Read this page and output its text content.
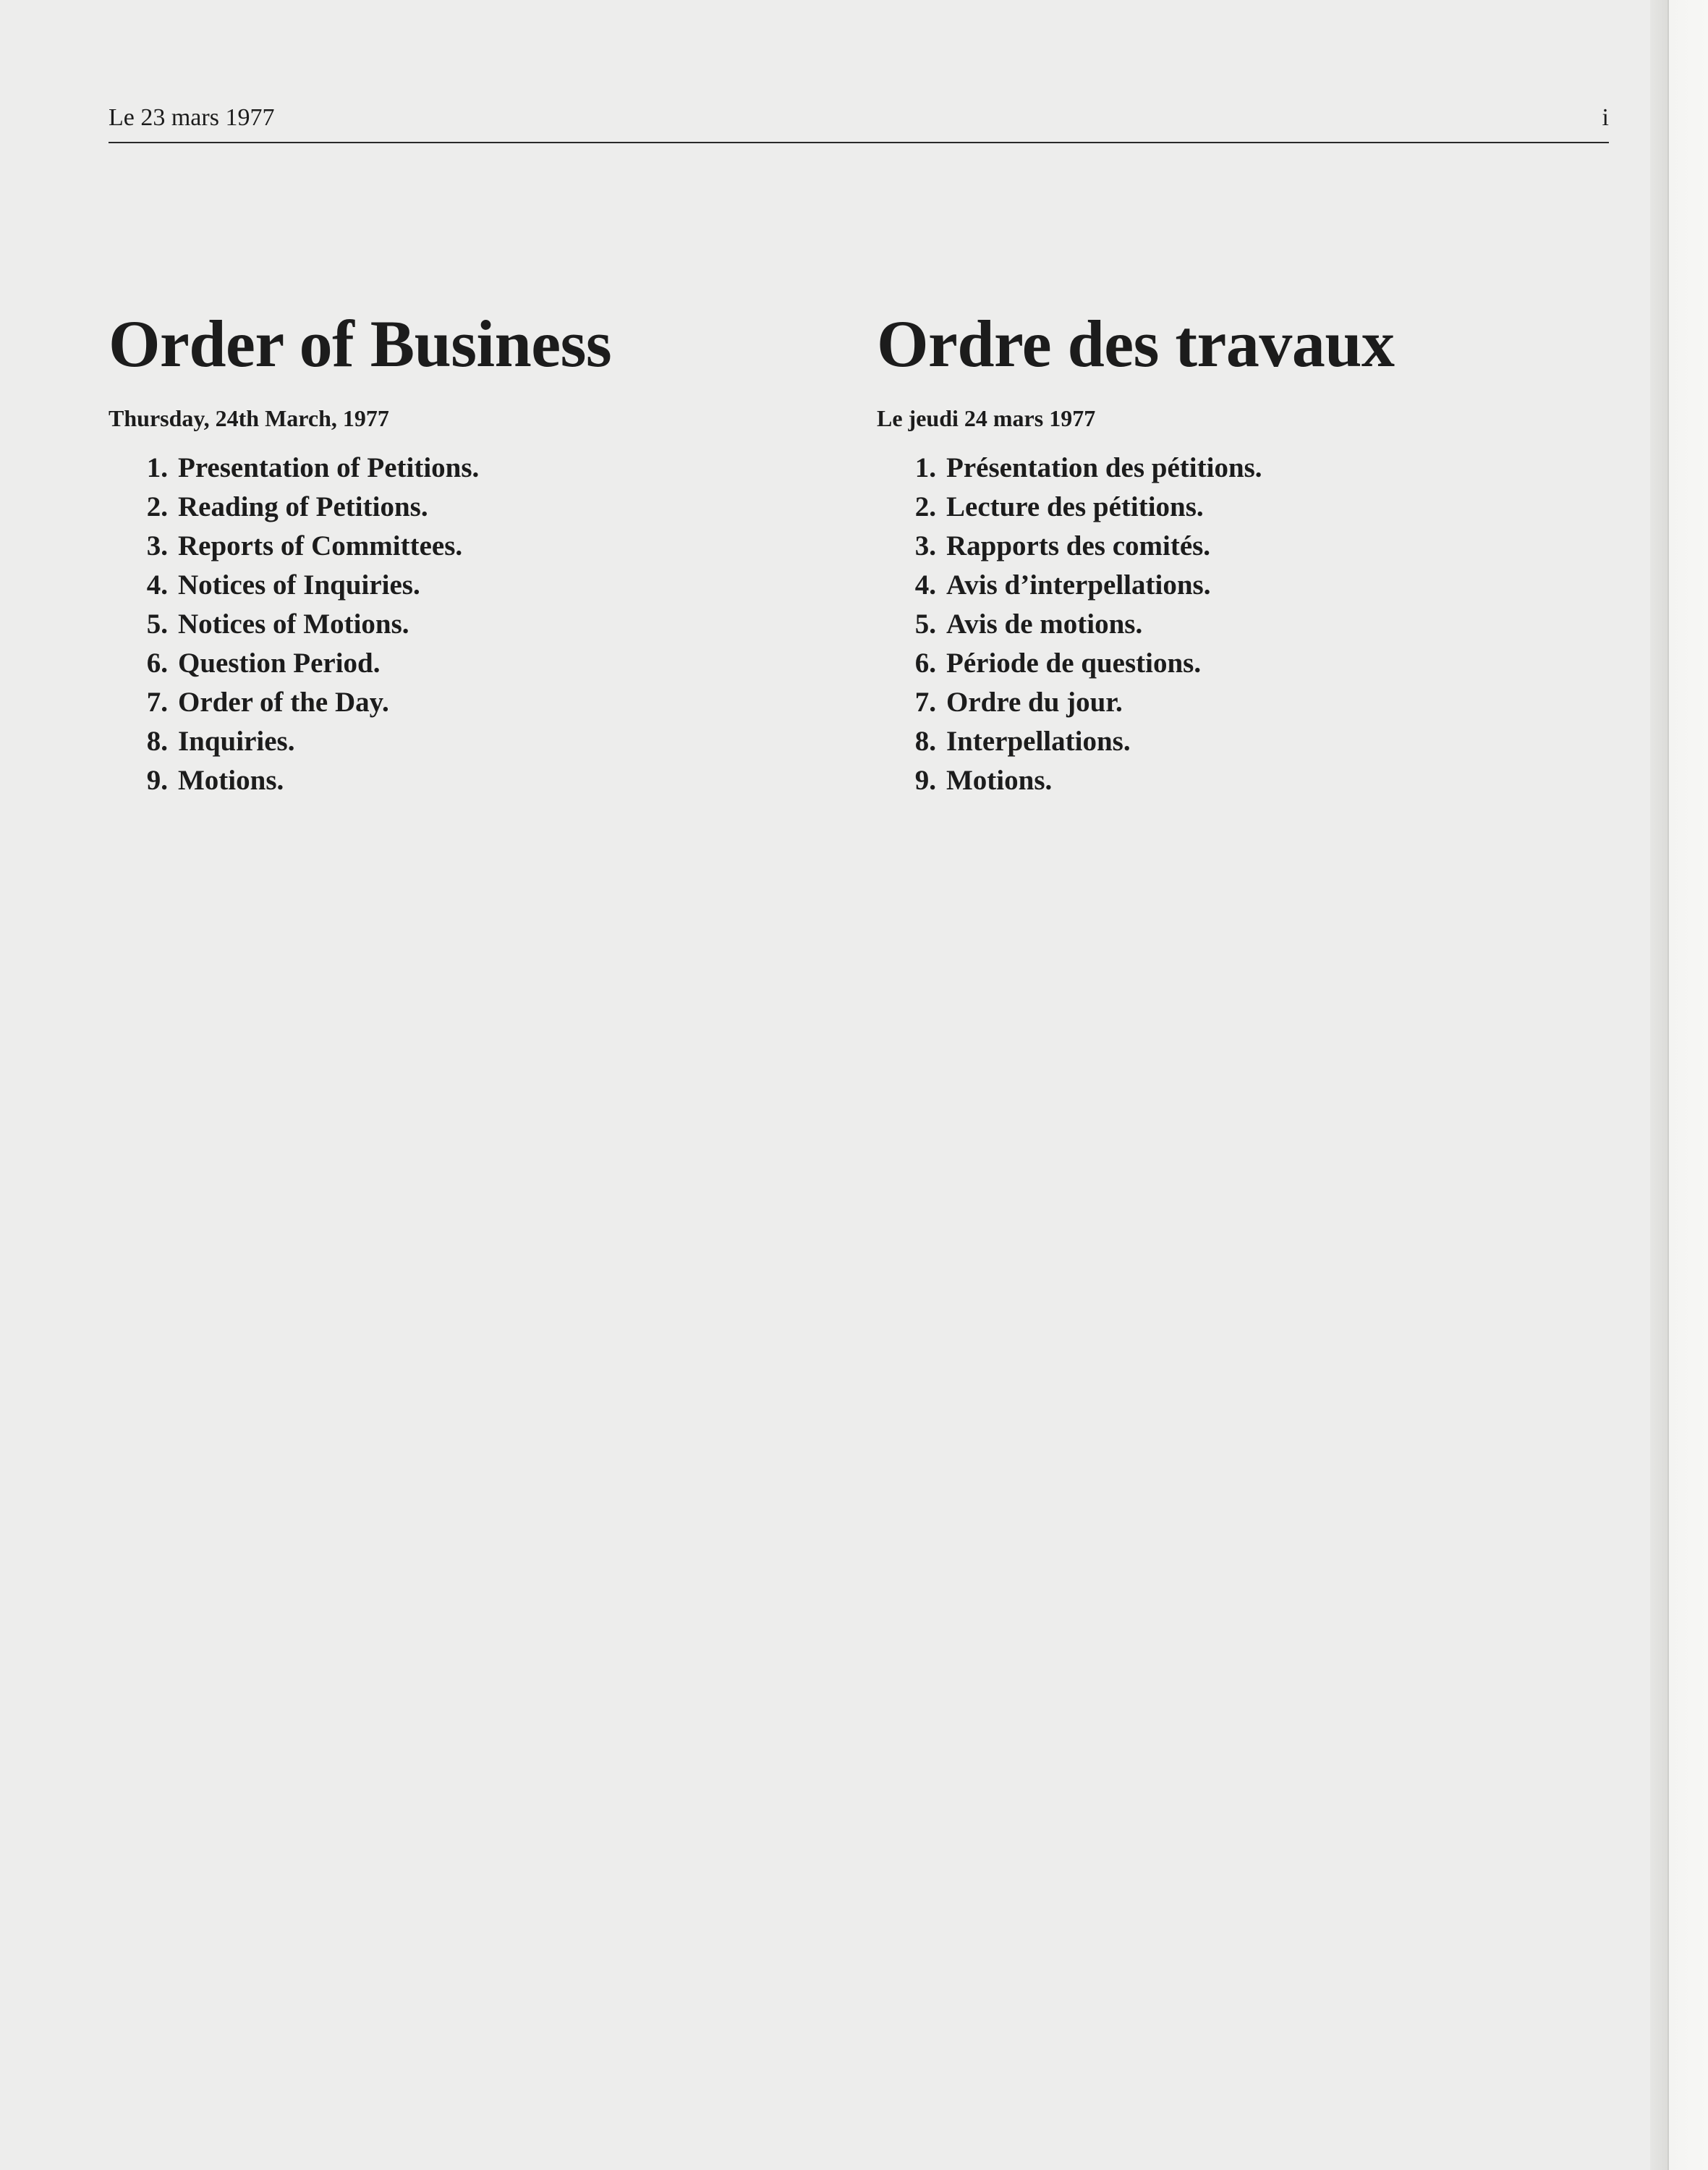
Le 23 mars 1977	i
Order of Business
Thursday, 24th March, 1977
1. Presentation of Petitions.
2. Reading of Petitions.
3. Reports of Committees.
4. Notices of Inquiries.
5. Notices of Motions.
6. Question Period.
7. Order of the Day.
8. Inquiries.
9. Motions.
Ordre des travaux
Le jeudi 24 mars 1977
1. Présentation des pétitions.
2. Lecture des pétitions.
3. Rapports des comités.
4. Avis d’interpellations.
5. Avis de motions.
6. Période de questions.
7. Ordre du jour.
8. Interpellations.
9. Motions.
